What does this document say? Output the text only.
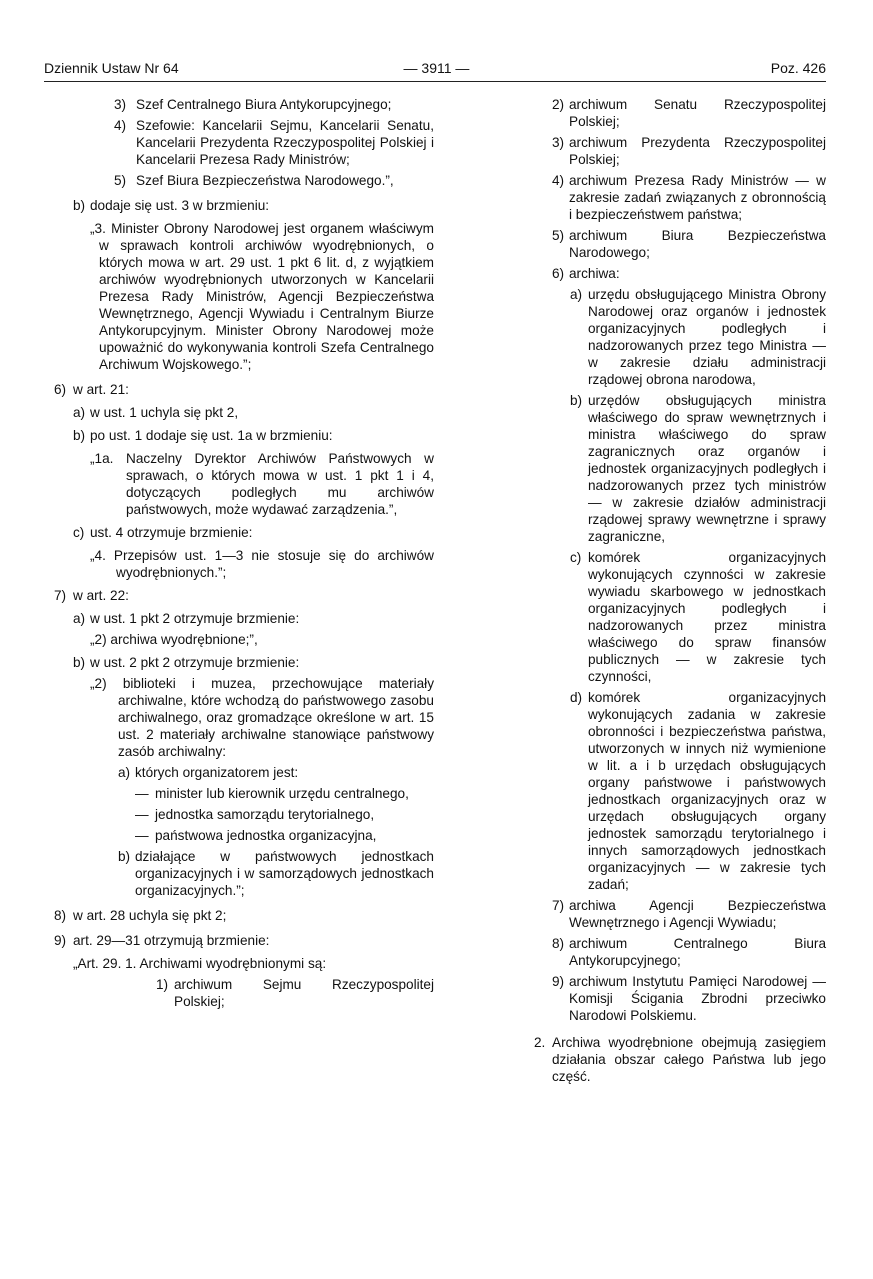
Dziennik Ustaw Nr 64	— 3911 —	Poz. 426
3) Szef Centralnego Biura Antykorupcyjnego;
4) Szefowie: Kancelarii Sejmu, Kancelarii Senatu, Kancelarii Prezydenta Rzeczypospolitej Polskiej i Kancelarii Prezesa Rady Ministrów;
5) Szef Biura Bezpieczeństwa Narodowego.”,
b) dodaje się ust. 3 w brzmieniu:
„3. Minister Obrony Narodowej jest organem właściwym w sprawach kontroli archiwów wyodrębnionych, o których mowa w art. 29 ust. 1 pkt 6 lit. d, z wyjątkiem archiwów wyodrębnionych utworzonych w Kancelarii Prezesa Rady Ministrów, Agencji Bezpieczeństwa Wewnętrznego, Agencji Wywiadu i Centralnym Biurze Antykorupcyjnym. Minister Obrony Narodowej może upoważnić do wykonywania kontroli Szefa Centralnego Archiwum Wojskowego.”;
6) w art. 21:
a) w ust. 1 uchyla się pkt 2,
b) po ust. 1 dodaje się ust. 1a w brzmieniu:
„1a. Naczelny Dyrektor Archiwów Państwowych w sprawach, o których mowa w ust. 1 pkt 1 i 4, dotyczących podległych mu archiwów państwowych, może wydawać zarządzenia.”,
c) ust. 4 otrzymuje brzmienie:
„4. Przepisów ust. 1—3 nie stosuje się do archiwów wyodrębnionych.”;
7) w art. 22:
a) w ust. 1 pkt 2 otrzymuje brzmienie:
„2) archiwa wyodrębnione;”,
b) w ust. 2 pkt 2 otrzymuje brzmienie:
„2) biblioteki i muzea, przechowujące materiały archiwalne, które wchodzą do państwowego zasobu archiwalnego, oraz gromadzące określone w art. 15 ust. 2 materiały archiwalne stanowiące państwowy zasób archiwalny:
a) których organizatorem jest:
— minister lub kierownik urzędu centralnego,
— jednostka samorządu terytorialnego,
— państwowa jednostka organizacyjna,
b) działające w państwowych jednostkach organizacyjnych i w samorządowych jednostkach organizacyjnych.”;
8) w art. 28 uchyla się pkt 2;
9) art. 29—31 otrzymują brzmienie:
„Art. 29. 1. Archiwami wyodrębnionymi są:
1) archiwum Sejmu Rzeczypospolitej Polskiej;
2) archiwum Senatu Rzeczypospolitej Polskiej;
3) archiwum Prezydenta Rzeczypospolitej Polskiej;
4) archiwum Prezesa Rady Ministrów — w zakresie zadań związanych z obronnością i bezpieczeństwem państwa;
5) archiwum Biura Bezpieczeństwa Narodowego;
6) archiwa:
a) urzędu obsługującego Ministra Obrony Narodowej oraz organów i jednostek organizacyjnych podległych i nadzorowanych przez tego Ministra — w zakresie działu administracji rządowej obrona narodowa,
b) urzędów obsługujących ministra właściwego do spraw wewnętrznych i ministra właściwego do spraw zagranicznych oraz organów i jednostek organizacyjnych podległych i nadzorowanych przez tych ministrów — w zakresie działów administracji rządowej sprawy wewnętrzne i sprawy zagraniczne,
c) komórek organizacyjnych wykonujących czynności w zakresie wywiadu skarbowego w jednostkach organizacyjnych podległych i nadzorowanych przez ministra właściwego do spraw finansów publicznych — w zakresie tych czynności,
d) komórek organizacyjnych wykonujących zadania w zakresie obronności i bezpieczeństwa państwa, utworzonych w innych niż wymienione w lit. a i b urzędach obsługujących organy państwowe i państwowych jednostkach organizacyjnych oraz w urzędach obsługujących organy jednostek samorządu terytorialnego i innych samorządowych jednostkach organizacyjnych — w zakresie tych zadań;
7) archiwa Agencji Bezpieczeństwa Wewnętrznego i Agencji Wywiadu;
8) archiwum Centralnego Biura Antykorupcyjnego;
9) archiwum Instytutu Pamięci Narodowej — Komisji Ścigania Zbrodni przeciwko Narodowi Polskiemu.
2. Archiwa wyodrębnione obejmują zasięgiem działania obszar całego Państwa lub jego część.
